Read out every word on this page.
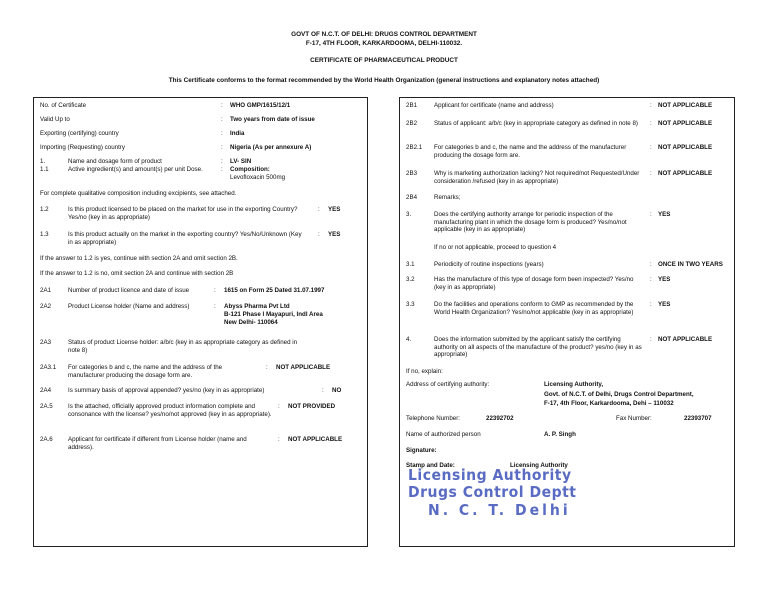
GOVT OF N.C.T. OF DELHI: DRUGS CONTROL DEPARTMENT
F-17, 4TH FLOOR, KARKARDOOMA, DELHI-110032.
CERTIFICATE OF PHARMACEUTICAL PRODUCT
This Certificate conforms to the format recommended by the World Health Organization (general instructions and explanatory notes attached)
No. of Certificate	: WHO GMP/1615/12/1
Valid Up to	: Two years from date of issue
Exporting (certifying) country	: India
Importing (Requesting) country	: Nigeria (As per annexure A)
1.	Name and dosage form of product	: LV- SIN
1.1	Active ingredient(s) and amount(s) per unit Dose.	: Composition:
Levofloxacin 500mg
For complete qualitative composition including excipients, see attached.
1.2	Is this product licensed to be placed on the market for use in the exporting Country? Yes/no (key in as appropriate)
: YES
1.3	Is this product actually on the market in the exporting country? Yes/No/Unknown (Key in as appropriate)
: YES
If the answer to 1.2 is yes, continue with section 2A and omit section 2B.
If the answer to 1.2 is no, omit section 2A and continue with section 2B
2A1	Number of product licence and date of issue	: 1615 on Form 25 Dated 31.07.1997
2A2	Product License holder (Name and address)	: Abyss Pharma Pvt Ltd
B-121 Phase I Mayapuri, Indl Area
New Delhi- 110064
2A3	Status of product License holder: a/b/c (key in as appropriate category as defined in note 8)
2A3.1 For categories b and c, the name and the address of the manufacturer producing the dosage form are.
: NOT APPLICABLE
2A4	Is summary basis of approval appended? yes/no (key in as appropriate)	: NO
2A.5 Is the attached, officially approved product information complete and consonance with the license? yes/no/not approved (key in as appropriate).
: NOT PROVIDED
2A.6 Applicant for certificate if different from License holder (name and address).
: NOT APPLICABLE
2B1	Applicant for certificate (name and address)	: NOT APPLICABLE
2B2	Status of applicant: a/b/c (key in appropriate category as defined in note 8)	: NOT APPLICABLE
2B2.1 For categories b and c, the name and the address of the manufacturer producing the dosage form are.
: NOT APPLICABLE
2B3	Why is marketing authorization lacking? Not required/not Requested/Under consideration /refused (key in as appropriate)
: NOT APPLICABLE
2B4	Remarks;
3.	Does the certifying authority arrange for periodic inspection of the manufacturing plant in which the dosage form is produced? Yes/no/not applicable (key in as appropriate)
: YES
If no or not applicable, proceed to question 4
3.1	Periodicity of routine inspections (years)	: ONCE IN TWO YEARS
3.2	Has the manufacture of this type of dosage form been inspected? Yes/no (key in as appropriate)
: YES
3.3	Do the facilities and operations conform to GMP as recommended by the World Health Organization? Yes/no/not applicable (key in as appropriate)
: YES
4.	Does the information submitted by the applicant satisfy the certifying authority on all aspects of the manufacture of the product? yes/no (key in as appropriate)
: NOT APPLICABLE
If no, explain:
Address of certifying authority:	Licensing Authority,
Govt. of N.C.T. of Delhi, Drugs Control Department,
F-17, 4th Floor, Karkardooma, Dehi – 110032
Telephone Number:	22392702	Fax Number:	22393707
Name of authorized person	A. P. Singh
Signature:
Stamp and Date:	Licensing Authority
Licensing Authority
Drugs Control Deptt
N. C. T. Delhi
